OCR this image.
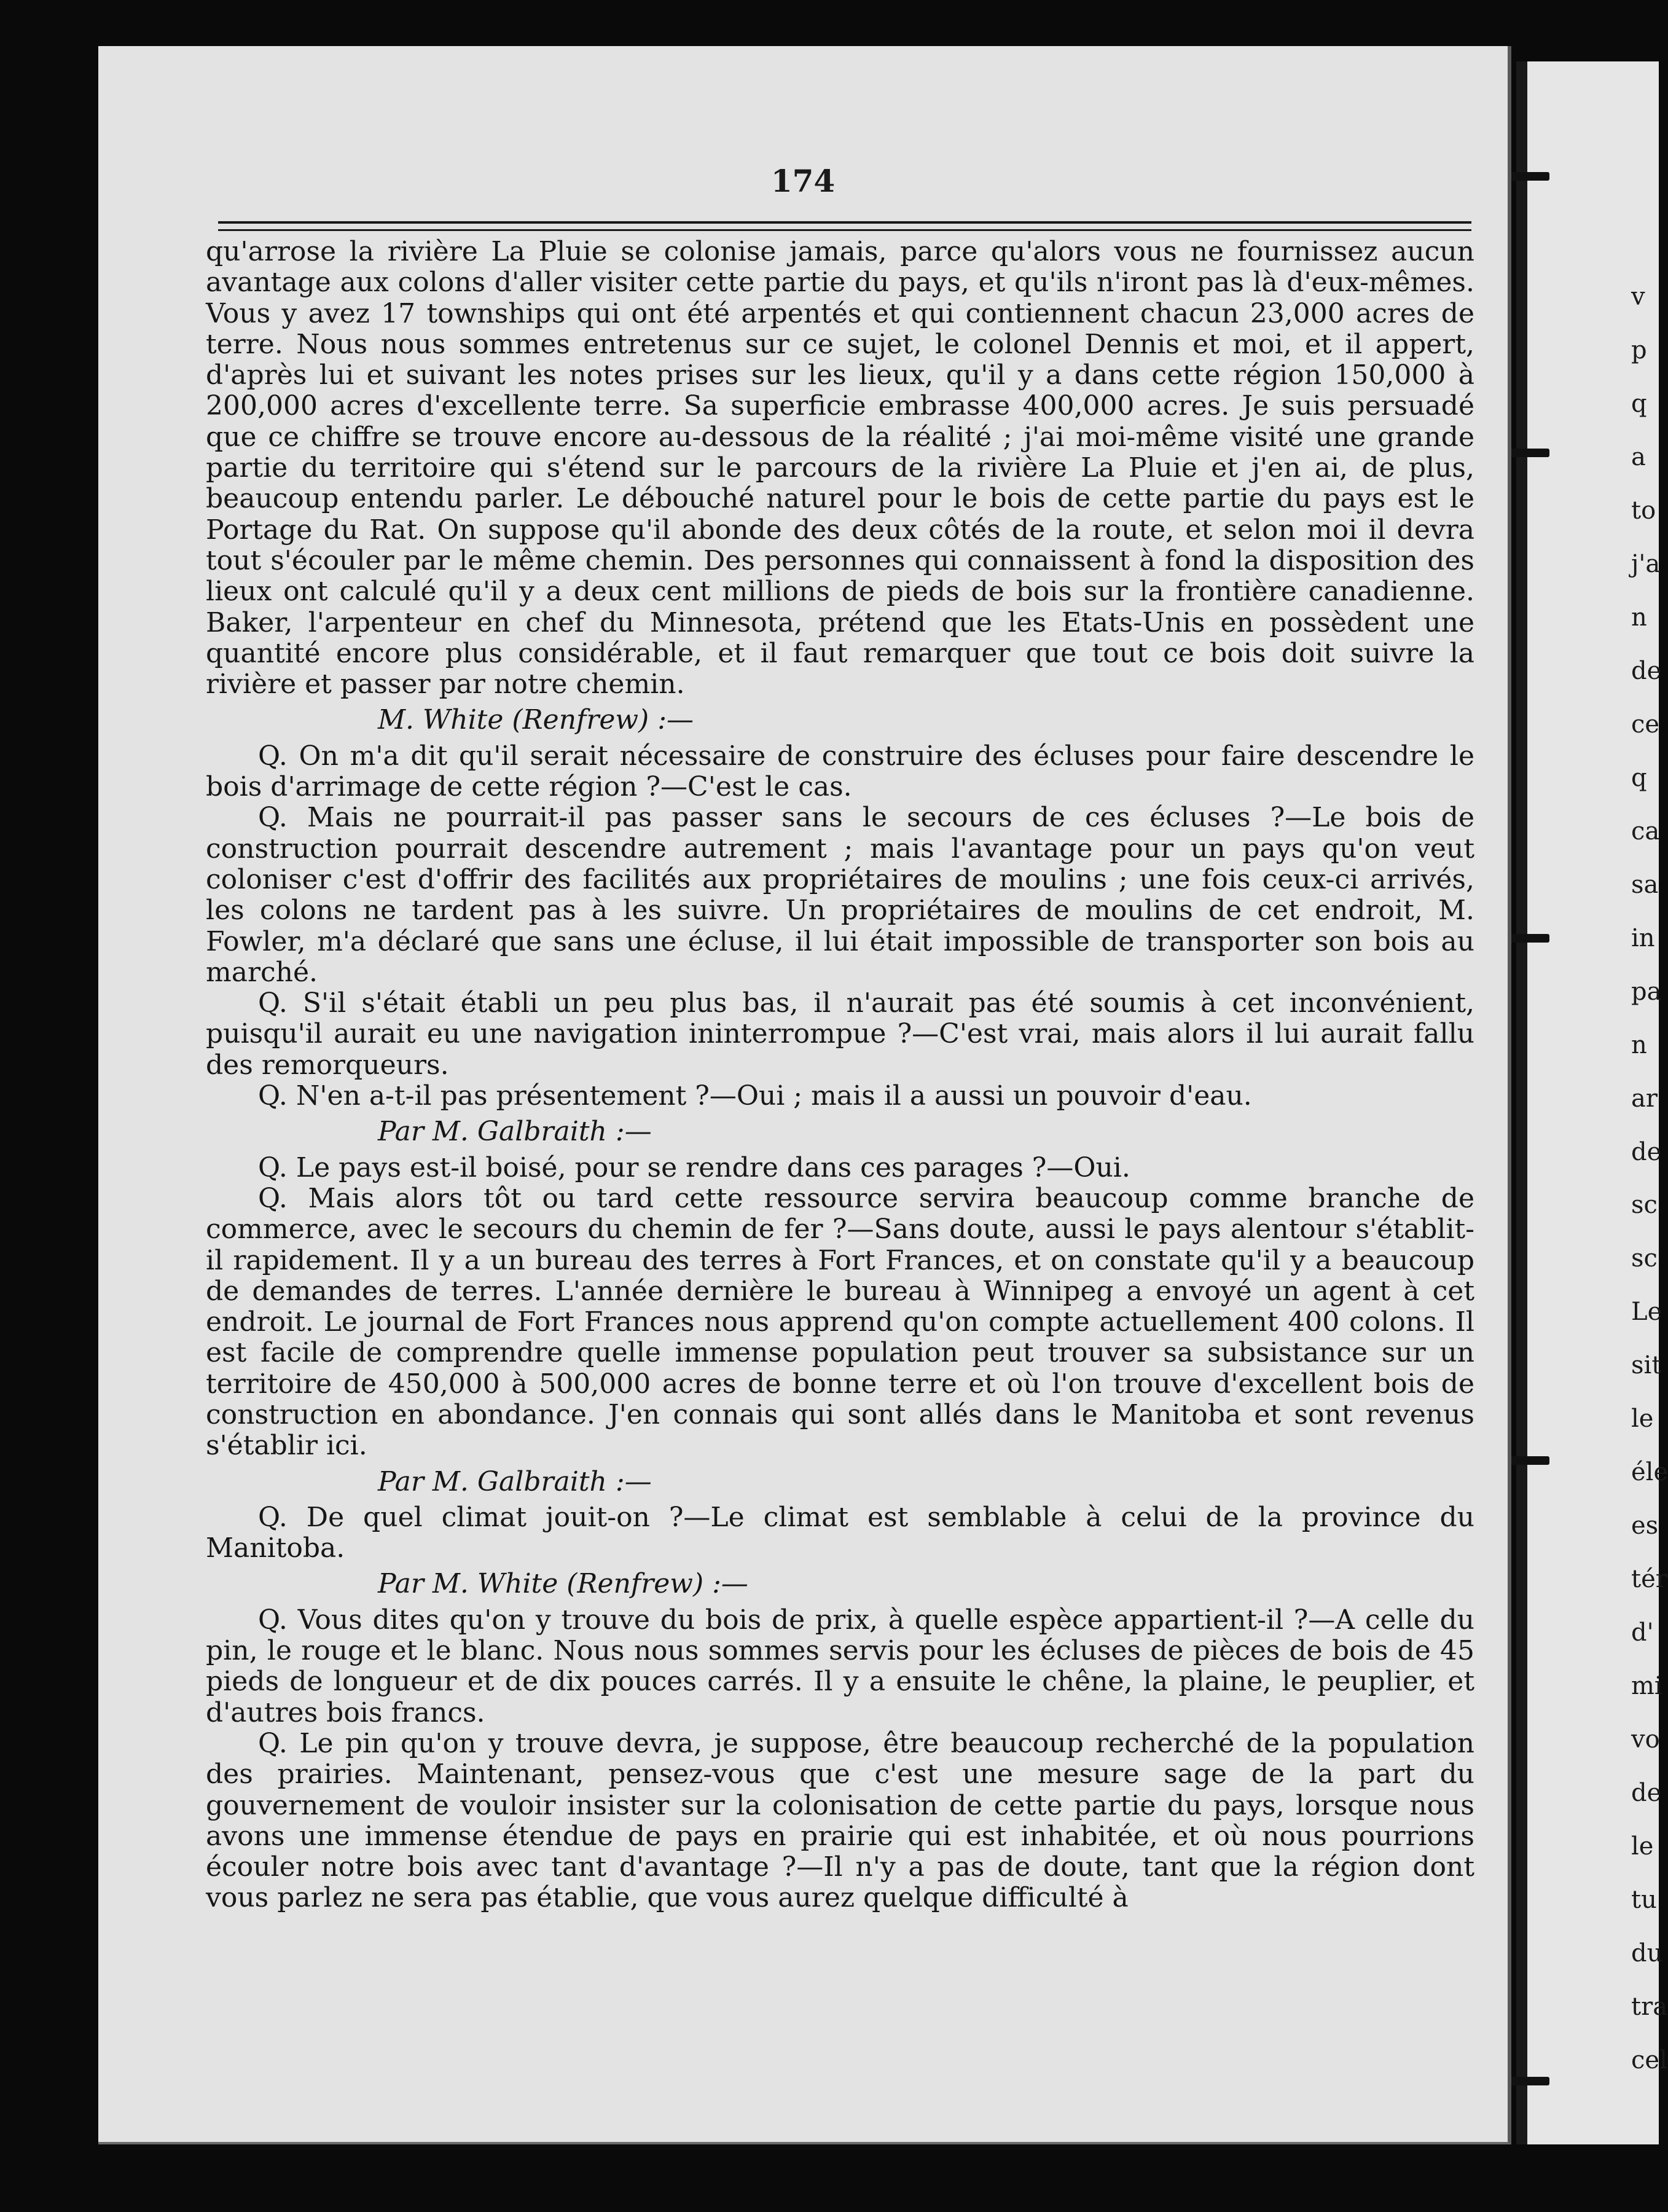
v
p
q
a
to
j'a
n
de
ce
q
ca
sa
in
pa
n
ar
de
sc
sc
Le
sit
le
éle
es
tér
d'
mi
vo
de
le
tu
du
tra
cel
174

qu'arrose la rivière La Pluie se colonise jamais, parce qu'alors vous ne fournissez aucun avantage aux colons d'aller visiter cette partie du pays, et qu'ils n'iront pas là d'eux-mêmes. Vous y avez 17 townships qui ont été arpentés et qui contiennent chacun 23,000 acres de terre. Nous nous sommes entretenus sur ce sujet, le colonel Dennis et moi, et il appert, d'après lui et suivant les notes prises sur les lieux, qu'il y a dans cette région 150,000 à 200,000 acres d'excellente terre. Sa superficie embrasse 400,000 acres. Je suis persuadé que ce chiffre se trouve encore au-dessous de la réalité ; j'ai moi-même visité une grande partie du territoire qui s'étend sur le parcours de la rivière La Pluie et j'en ai, de plus, beaucoup entendu parler. Le débouché naturel pour le bois de cette partie du pays est le Portage du Rat. On suppose qu'il abonde des deux côtés de la route, et selon moi il devra tout s'écouler par le même chemin. Des personnes qui connaissent à fond la disposition des lieux ont calculé qu'il y a deux cent millions de pieds de bois sur la frontière canadienne. Baker, l'arpenteur en chef du Minnesota, prétend que les Etats-Unis en possèdent une quantité encore plus considérable, et il faut remarquer que tout ce bois doit suivre la rivière et passer par notre chemin.

M. White (Renfrew) :—

Q. On m'a dit qu'il serait nécessaire de construire des écluses pour faire descendre le bois d'arrimage de cette région ?—C'est le cas.

Q. Mais ne pourrait-il pas passer sans le secours de ces écluses ?—Le bois de construction pourrait descendre autrement ; mais l'avantage pour un pays qu'on veut coloniser c'est d'offrir des facilités aux propriétaires de moulins ; une fois ceux-ci arrivés, les colons ne tardent pas à les suivre. Un propriétaires de moulins de cet endroit, M. Fowler, m'a déclaré que sans une écluse, il lui était impossible de transporter son bois au marché.

Q. S'il s'était établi un peu plus bas, il n'aurait pas été soumis à cet inconvénient, puisqu'il aurait eu une navigation ininterrompue ?—C'est vrai, mais alors il lui aurait fallu des remorqueurs.

Q. N'en a-t-il pas présentement ?—Oui ; mais il a aussi un pouvoir d'eau.

Par M. Galbraith :—

Q. Le pays est-il boisé, pour se rendre dans ces parages ?—Oui.

Q. Mais alors tôt ou tard cette ressource servira beaucoup comme branche de commerce, avec le secours du chemin de fer ?—Sans doute, aussi le pays alentour s'établit-il rapidement. Il y a un bureau des terres à Fort Frances, et on constate qu'il y a beaucoup de demandes de terres. L'année dernière le bureau à Winnipeg a envoyé un agent à cet endroit. Le journal de Fort Frances nous apprend qu'on compte actuellement 400 colons. Il est facile de comprendre quelle immense population peut trouver sa subsistance sur un territoire de 450,000 à 500,000 acres de bonne terre et où l'on trouve d'excellent bois de construction en abondance. J'en connais qui sont allés dans le Manitoba et sont revenus s'établir ici.

Par M. Galbraith :—

Q. De quel climat jouit-on ?—Le climat est semblable à celui de la province du Manitoba.

Par M. White (Renfrew) :—

Q. Vous dites qu'on y trouve du bois de prix, à quelle espèce appartient-il ?—A celle du pin, le rouge et le blanc. Nous nous sommes servis pour les écluses de pièces de bois de 45 pieds de longueur et de dix pouces carrés. Il y a ensuite le chêne, la plaine, le peuplier, et d'autres bois francs.

Q. Le pin qu'on y trouve devra, je suppose, être beaucoup recherché de la population des prairies. Maintenant, pensez-vous que c'est une mesure sage de la part du gouvernement de vouloir insister sur la colonisation de cette partie du pays, lorsque nous avons une immense étendue de pays en prairie qui est inhabitée, et où nous pourrions écouler notre bois avec tant d'avantage ?—Il n'y a pas de doute, tant que la région dont vous parlez ne sera pas établie, que vous aurez quelque difficulté à
